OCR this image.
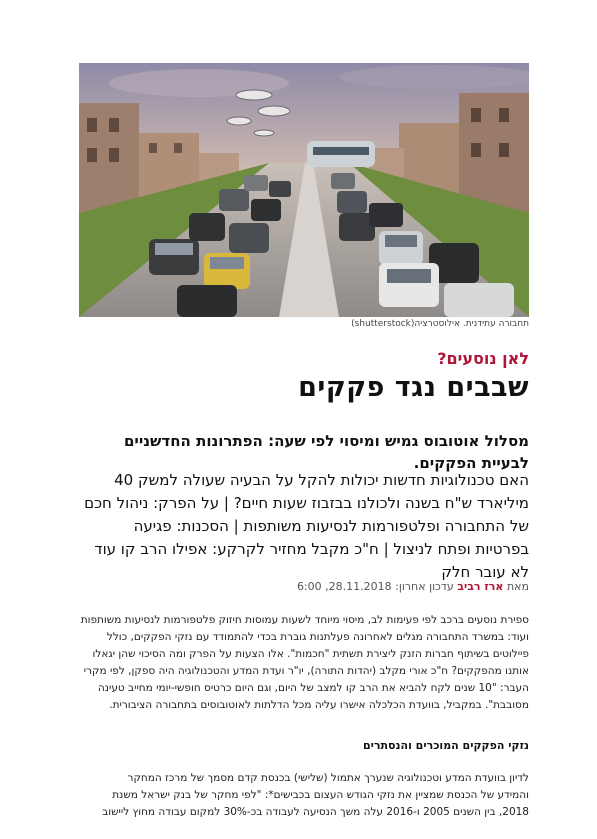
תחבורה עתידנית. אילוסטרציה(shutterstock)
לאן נוסעים?
שבבים נגד פקקים
מסלול אוטובוס גמיש ומיסוי לפי שעה: הפתרונות החדשניים לבעיית הפקקים.
האם טכנולוגיות חדשות יכולות להקל על הבעיה שעולה למשק 40 מיליארד ש"ח בשנה ולכולנו בבזבוז שעות חיים? | על הפרק: ניהול חכם של התחבורה ופלטפורמות לנסיעות משותפות | הסכנות: פגיעה בפרטיות ופתח לניצול | ח"כ מקבל מחזיר לקרקע: אפילו הרב קו עוד לא עובר חלק
מאת ארז רביב עדכון אחרון: 28.11.2018, 6:00
ספירת נוסעים ברכב לפי פעימות לב, מיסוי מיוחד לשעות עמוסות חיזוק פלטפורמות לנסיעות משותפות ועוד: במשרד התחבורה מגלים לאחרונה פעלתנות גוברת בכדי להתמודד עם נזקי הפקקים, כולל פיילוטים בשיתוף חברות הזנק ליצירת תשתית "חכמות". אלו הצעות על הפרק ומה הסיכוי שהן יגאלו אותנו מהפקקים? ח"כ אורי מקלב (יהדות התורה), יו"ר ועדת המדע והטכנולוגיה היה ספקן, לפי מקרי העבר: "10 שנים לקח להביא את הרב קו למצב של היום, וגם היום כרטיס חופשי-יומי מחייב טעינה מסובבת". במקביל, בוועדת הכלכלה אישרו עליה מכל הדלתות לאוטובוסים בתחבורה הציבורית.
נזקי הפקקים המוכרים והנסתרים
לדיון בוועדת המדע וטכנולוגיה שנערך אתמול (שלישי) בכנסת קדם מסמך של מרכז המחקר
והמידע של הכנסת שמציין את נזקי הגודש העצום בכבישים*: "לפי מחקר של בנק ישראל משנת
2018, בין השנים 2005 ו-2016 עלה משך הנסיעה לעבודה בכ-30% למקום עבודה מחוץ ליישוב
